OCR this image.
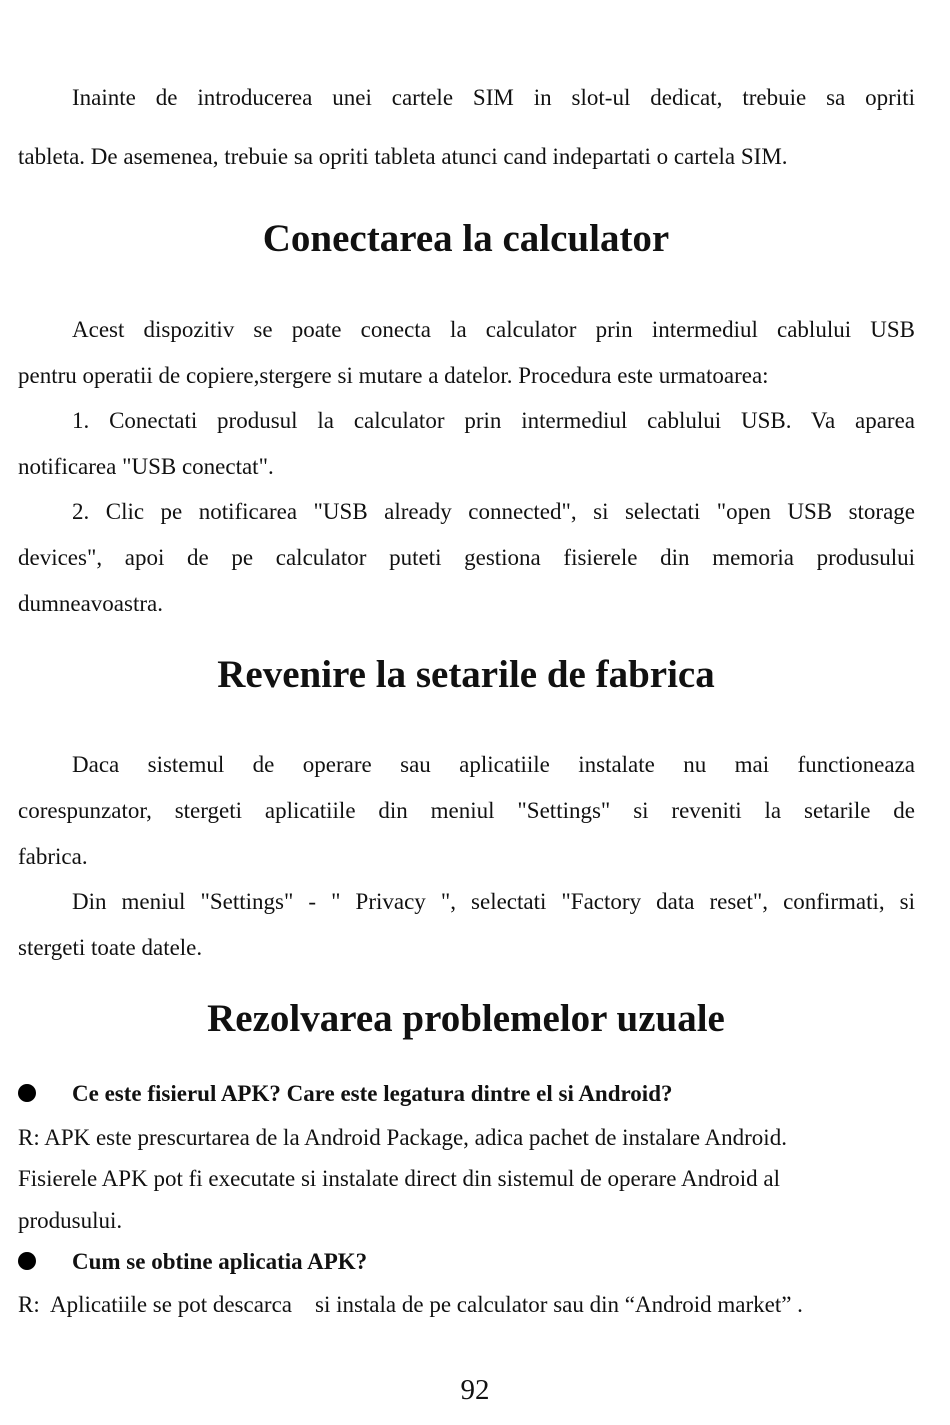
Inainte de introducerea unei cartele SIM in slot-ul dedicat, trebuie sa opriti
tableta. De asemenea, trebuie sa opriti tableta atunci cand indepartati o cartela SIM.
Conectarea la calculator
Acest dispozitiv se poate conecta la calculator prin intermediul cablului USB
pentru operatii de copiere,stergere si mutare a datelor. Procedura este urmatoarea:
1. Conectati produsul la calculator prin intermediul cablului USB. Va aparea
notificarea "USB conectat".
2. Clic pe notificarea "USB already connected", si selectati "open USB storage
devices", apoi de pe calculator puteti gestiona fisierele din memoria produsului
dumneavoastra.
Revenire la setarile de fabrica
Daca sistemul de operare sau aplicatiile instalate nu mai functioneaza
corespunzator, stergeti aplicatiile din meniul "Settings" si reveniti la setarile de
fabrica.
Din meniul "Settings" - " Privacy ", selectati "Factory data reset", confirmati, si
stergeti toate datele.
Rezolvarea problemelor uzuale
Ce este fisierul APK? Care este legatura dintre el si Android?
R: APK este prescurtarea de la Android Package, adica pachet de instalare Android.
Fisierele APK pot fi executate si instalate direct din sistemul de operare Android al
produsului.
Cum se obtine aplicatia APK?
R:  Aplicatiile se pot descarca    si instala de pe calculator sau din “Android market” .
92
